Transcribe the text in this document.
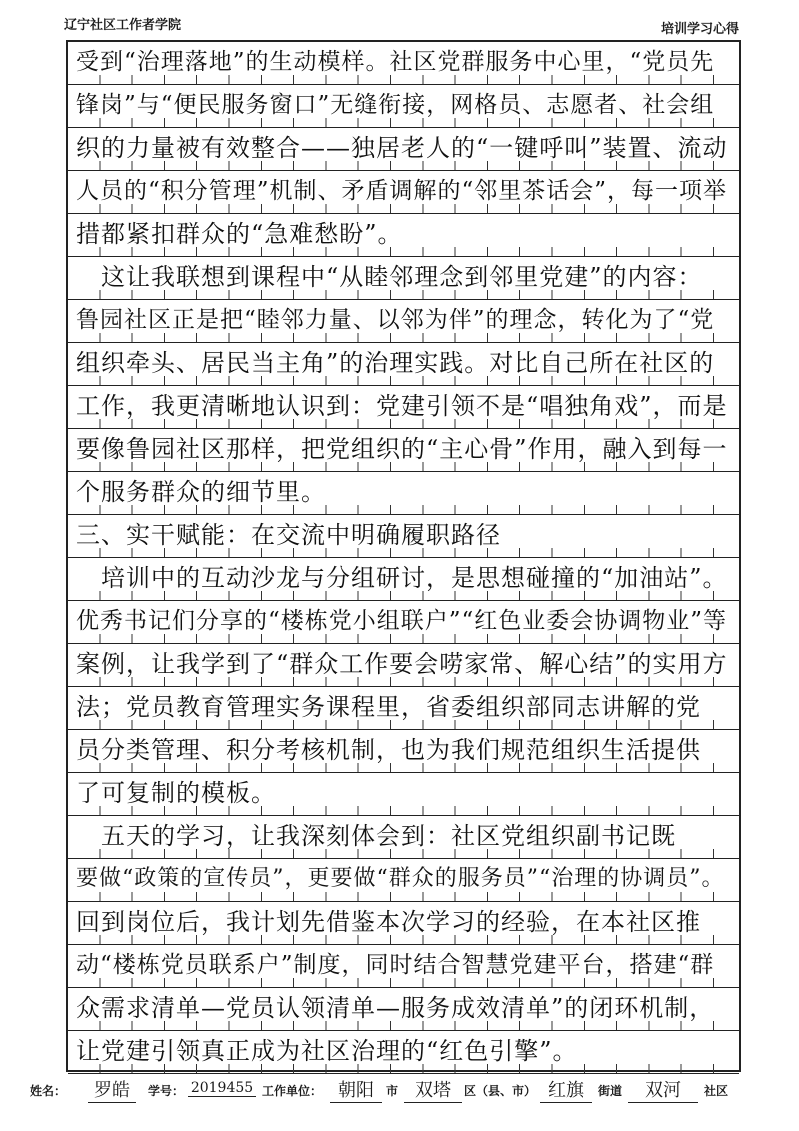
辽宁社区工作者学院	培训学习心得
受到“治理落地”的生动模样。社区党群服务中心里，“党员先
锋岗”与“便民服务窗口”无缝衔接，网格员、志愿者、社会组
织的力量被有效整合——独居老人的“一键呼叫”装置、流动
人员的“积分管理”机制、矛盾调解的“邻里茶话会”，每一项举
措都紧扣群众的“急难愁盼”。
　这让我联想到课程中“从睦邻理念到邻里党建”的内容：
鲁园社区正是把“睦邻力量、以邻为伴”的理念，转化为了“党
组织牵头、居民当主角”的治理实践。对比自己所在社区的
工作，我更清晰地认识到：党建引领不是“唱独角戏”，而是
要像鲁园社区那样，把党组织的“主心骨”作用，融入到每一
个服务群众的细节里。
三、实干赋能：在交流中明确履职路径
　培训中的互动沙龙与分组研讨，是思想碰撞的“加油站”。
优秀书记们分享的“楼栋党小组联户”“红色业委会协调物业”等
案例，让我学到了“群众工作要会唠家常、解心结”的实用方
法；党员教育管理实务课程里，省委组织部同志讲解的党
员分类管理、积分考核机制，也为我们规范组织生活提供
了可复制的模板。
　五天的学习，让我深刻体会到：社区党组织副书记既
要做“政策的宣传员”，更要做“群众的服务员”“治理的协调员”。
回到岗位后，我计划先借鉴本次学习的经验，在本社区推
动“楼栋党员联系户”制度，同时结合智慧党建平台，搭建“群
众需求清单—党员认领清单—服务成效清单”的闭环机制，
让党建引领真正成为社区治理的“红色引擎”。
姓名：	罗皓	学号： 2019455 工作单位： 朝阳	市 双塔	区（县、市） 红旗	街道	双河	社区
